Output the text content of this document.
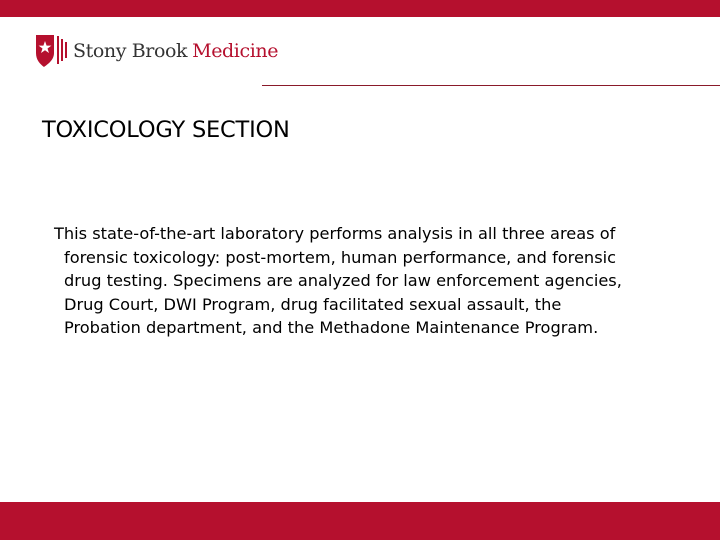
Stony Brook Medicine
TOXICOLOGY SECTION

This state-of-the-art laboratory performs analysis in all three areas of
forensic toxicology: post-mortem, human performance, and forensic
drug testing. Specimens are analyzed for law enforcement agencies,
Drug Court, DWI Program, drug facilitated sexual assault, the
Probation department, and the Methadone Maintenance Program.
